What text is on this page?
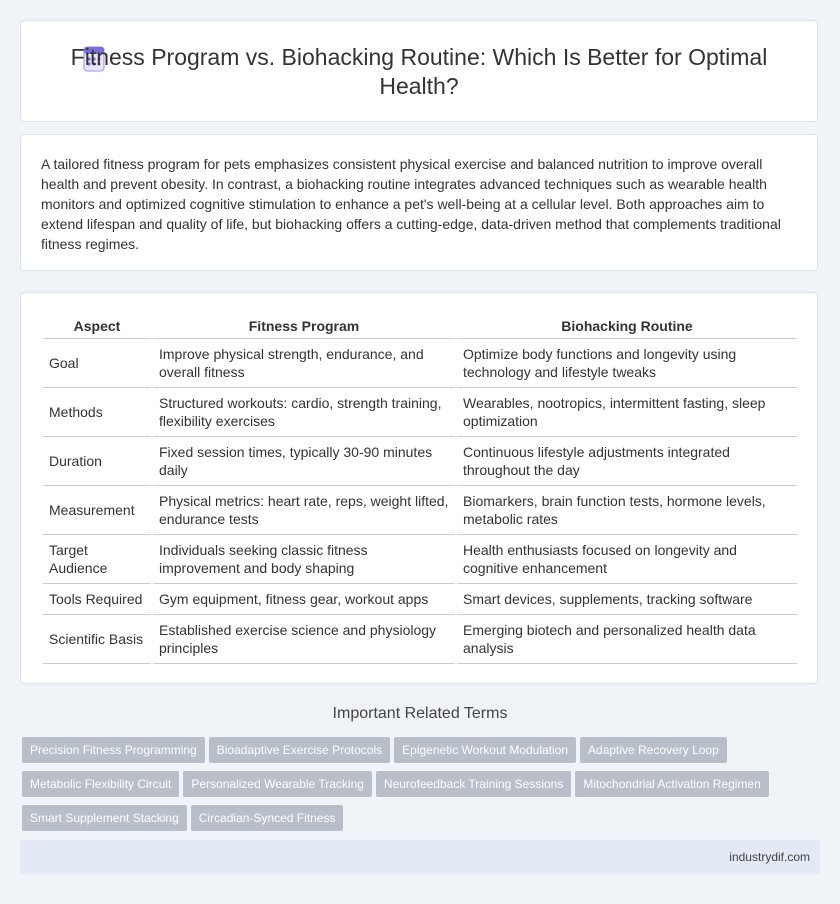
Fitness Program vs. Biohacking Routine: Which Is Better for Optimal Health?

A tailored fitness program for pets emphasizes consistent physical exercise and balanced nutrition to improve overall health and prevent obesity. In contrast, a biohacking routine integrates advanced techniques such as wearable health monitors and optimized cognitive stimulation to enhance a pet's well-being at a cellular level. Both approaches aim to extend lifespan and quality of life, but biohacking offers a cutting-edge, data-driven method that complements traditional fitness regimes.

Aspect	Fitness Program	Biohacking Routine
Goal	Improve physical strength, endurance, and overall fitness	Optimize body functions and longevity using technology and lifestyle tweaks
Methods	Structured workouts: cardio, strength training, flexibility exercises	Wearables, nootropics, intermittent fasting, sleep optimization
Duration	Fixed session times, typically 30-90 minutes daily	Continuous lifestyle adjustments integrated throughout the day
Measurement	Physical metrics: heart rate, reps, weight lifted, endurance tests	Biomarkers, brain function tests, hormone levels, metabolic rates
Target Audience	Individuals seeking classic fitness improvement and body shaping	Health enthusiasts focused on longevity and cognitive enhancement
Tools Required	Gym equipment, fitness gear, workout apps	Smart devices, supplements, tracking software
Scientific Basis	Established exercise science and physiology principles	Emerging biotech and personalized health data analysis
Important Related Terms
Precision Fitness Programming Bioadaptive Exercise Protocols Epigenetic Workout Modulation Adaptive Recovery LoopMetabolic Flexibility Circuit Personalized Wearable Tracking Neurofeedback Training Sessions Mitochondrial Activation RegimenSmart Supplement Stacking Circadian-Synced Fitness
industrydif.com
